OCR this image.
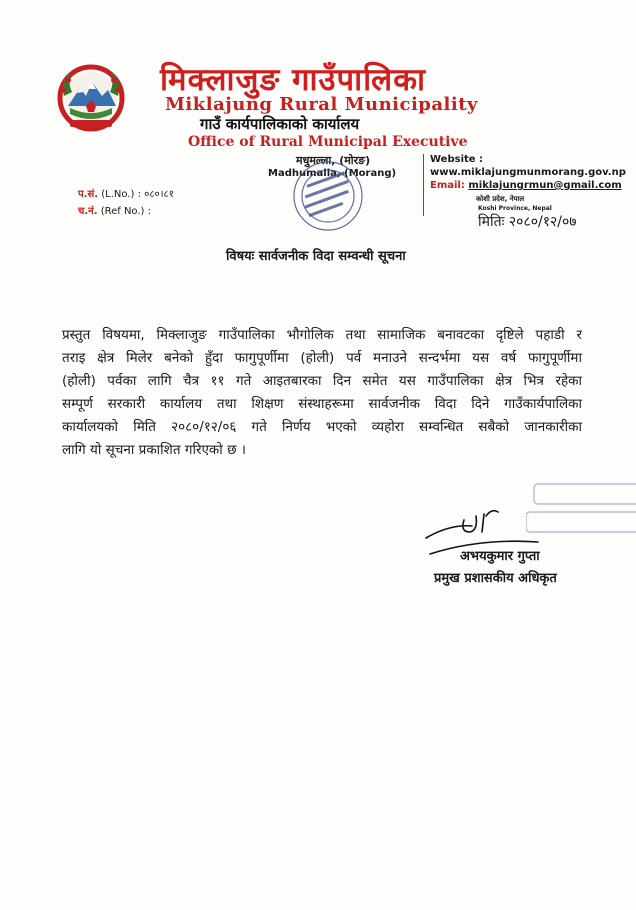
मिक्लाजुङ गाउँपालिका
Miklajung Rural Municipality
गाउँ कार्यपालिकाको कार्यालय
Office of Rural Municipal Executive
मधुमल्ला, (मोरङ)
Madhumalla, (Morang)
Website :
www.miklajungmunmorang.gov.np
Email: miklajungrmun@gmail.com
कोशी प्रदेश, नेपाल
Koshi Province, Nepal
मितिः २०८०/१२/०७
प.सं. (L.No.) : ०८०।८१
च.नं. (Ref No.) :
विषयः सार्वजनीक विदा सम्वन्धी सूचना
प्रस्तुत विषयमा, मिक्लाजुङ गाउँपालिका भौगोलिक तथा सामाजिक बनावटका दृष्टिले पहाडी र
तराइ क्षेत्र मिलेर बनेको हुँदा फागुपूर्णीमा (होली) पर्व मनाउने सन्दर्भमा यस वर्ष फागुपूर्णीमा
(होली) पर्वका लागि चैत्र ११ गते आइतबारका दिन समेत यस गाउँपालिका क्षेत्र भित्र रहेका
सम्पूर्ण सरकारी कार्यालय तथा शिक्षण संस्थाहरूमा सार्वजनीक विदा दिने गाउँकार्यपालिका
कार्यालयको मिति २०८०/१२/०६ गते निर्णय भएको व्यहोरा सम्वन्धित सबैको जानकारीका
लागि यो सूचना प्रकाशित गरिएको छ ।
अभयकुमार गुप्ता
प्रमुख प्रशासकीय अधिकृत
